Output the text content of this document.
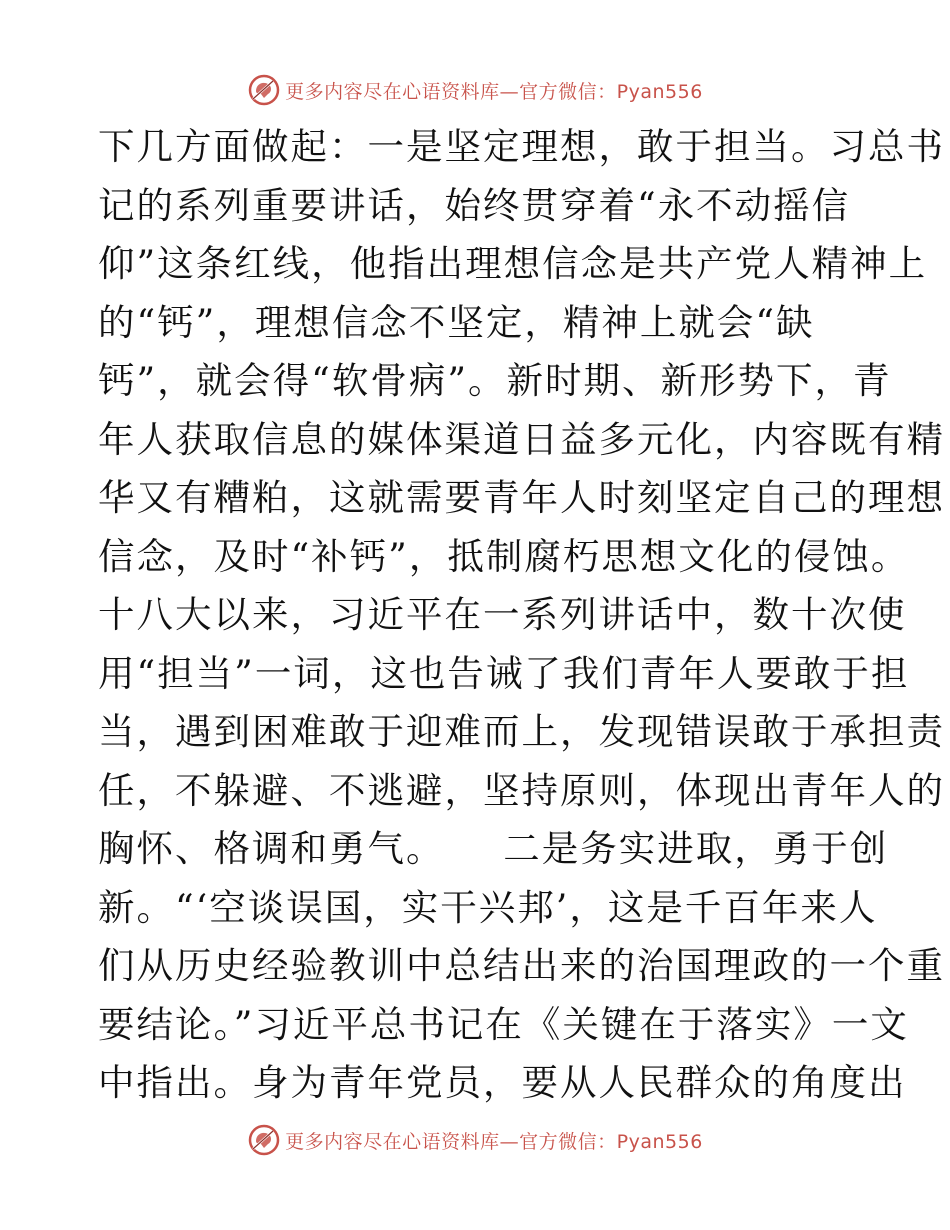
更多内容尽在心语资料库—官方微信：Pyan556
下几方面做起：一是坚定理想，敢于担当。习总书
记的系列重要讲话，始终贯穿着“永不动摇信
仰”这条红线，他指出理想信念是共产党人精神上
的“钙”，理想信念不坚定，精神上就会“缺
钙”，就会得“软骨病”。新时期、新形势下，青
年人获取信息的媒体渠道日益多元化，内容既有精
华又有糟粕，这就需要青年人时刻坚定自己的理想
信念，及时“补钙”，抵制腐朽思想文化的侵蚀。
十八大以来，习近平在一系列讲话中，数十次使
用“担当”一词，这也告诫了我们青年人要敢于担
当，遇到困难敢于迎难而上，发现错误敢于承担责
任，不躲避、不逃避，坚持原则，体现出青年人的
胸怀、格调和勇气。　　二是务实进取，勇于创
新。“‘空谈误国，实干兴邦’，这是千百年来人
们从历史经验教训中总结出来的治国理政的一个重
要结论。”习近平总书记在《关键在于落实》一文
中指出。身为青年党员，要从人民群众的角度出
更多内容尽在心语资料库—官方微信：Pyan556
